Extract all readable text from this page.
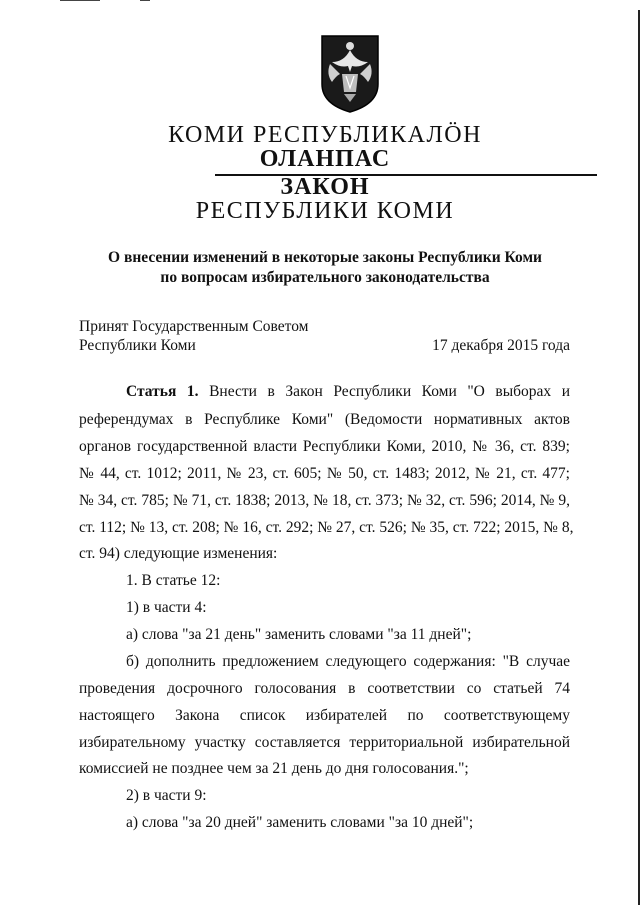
КОМИ РЕСПУБЛИКАЛÖН
ОЛАНПАС
ЗАКОН
РЕСПУБЛИКИ КОМИ
О внесении изменений в некоторые законы Республики Коми
по вопросам избирательного законодательства
Принят Государственным Советом
Республики Коми	17 декабря 2015 года
Статья 1. Внести в Закон Республики Коми "О выборах и
референдумах в Республике Коми" (Ведомости нормативных актов
органов государственной власти Республики Коми, 2010, № 36, ст. 839;
№ 44, ст. 1012; 2011, № 23, ст. 605; № 50, ст. 1483; 2012, № 21, ст. 477;
№ 34, ст. 785; № 71, ст. 1838; 2013, № 18, ст. 373; № 32, ст. 596; 2014, № 9,
ст. 112; № 13, ст. 208; № 16, ст. 292; № 27, ст. 526; № 35, ст. 722; 2015, № 8,
ст. 94) следующие изменения:
1. В статье 12:
1) в части 4:
а) слова "за 21 день" заменить словами "за 11 дней";
б) дополнить предложением следующего содержания: "В случае
проведения досрочного голосования в соответствии со статьей 74
настоящего Закона список избирателей по соответствующему
избирательному участку составляется территориальной избирательной
комиссией не позднее чем за 21 день до дня голосования.";
2) в части 9:
а) слова "за 20 дней" заменить словами "за 10 дней";
